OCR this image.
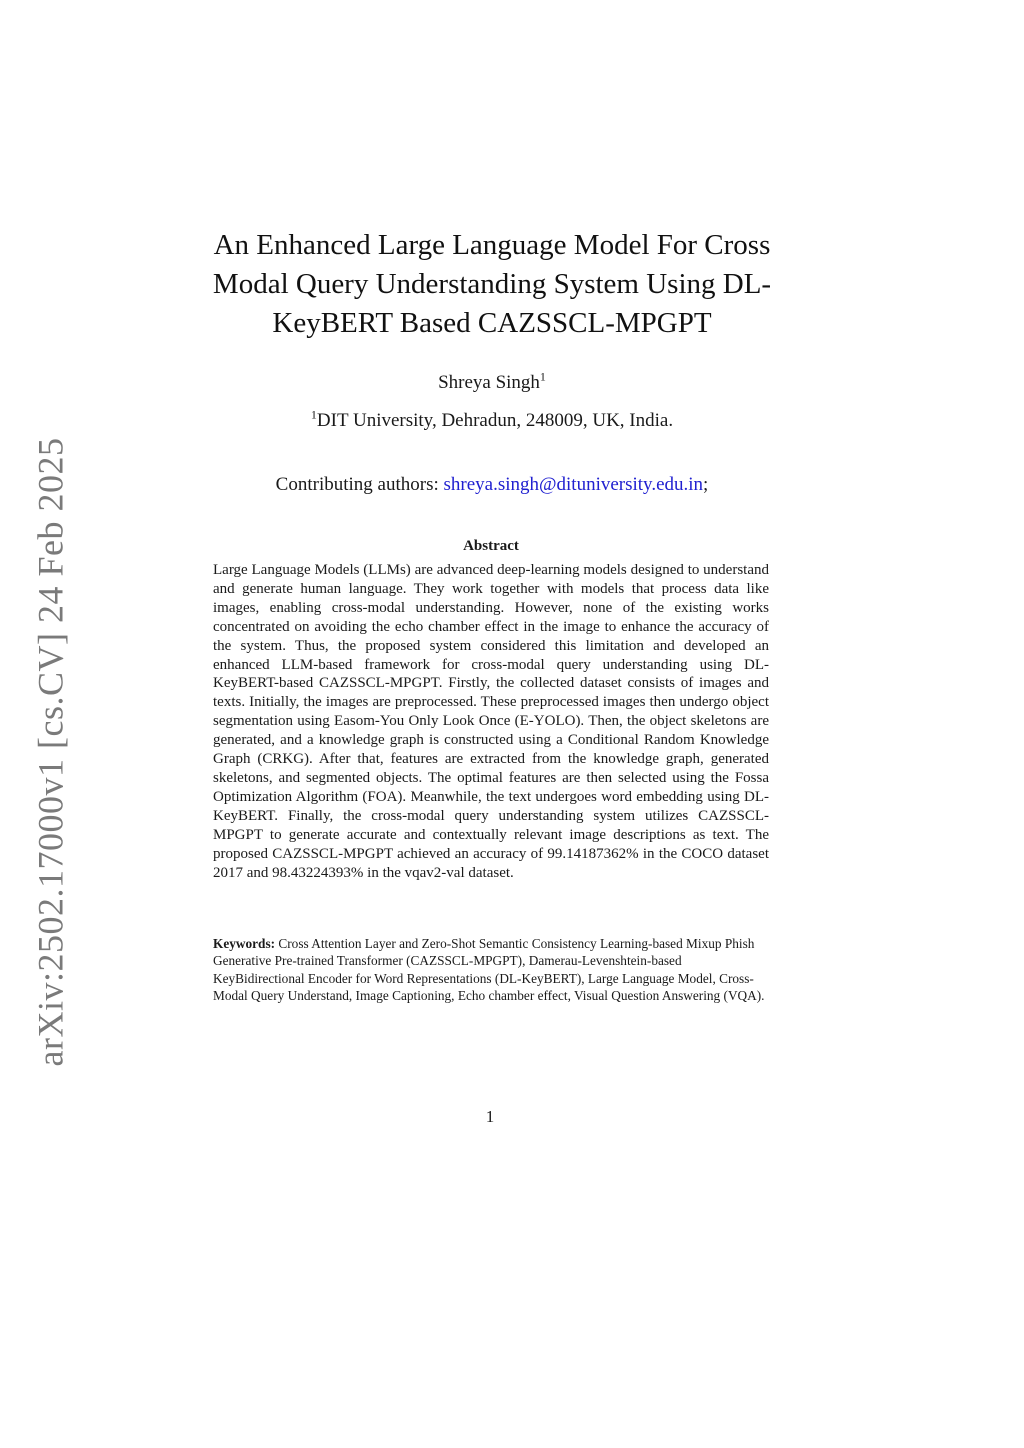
arXiv:2502.17000v1 [cs.CV] 24 Feb 2025
An Enhanced Large Language Model For Cross Modal Query Understanding System Using DL-KeyBERT Based CAZSSCL-MPGPT
Shreya Singh$^1$
$^1$DIT University, Dehradun, 248009, UK, India.
Contributing authors: shreya.singh@dituniversity.edu.in;
Abstract

Large Language Models (LLMs) are advanced deep-learning models designed to understand and generate human language. They work together with models that process data like images, enabling cross-modal understanding. However, none of the existing works concentrated on avoiding the echo chamber effect in the image to enhance the accuracy of the system. Thus, the proposed system considered this limitation and developed an enhanced LLM-based framework for cross-modal query understanding using DL-KeyBERT-based CAZSSCL-MPGPT. Firstly, the collected dataset consists of images and texts. Initially, the images are preprocessed. These preprocessed images then undergo object segmentation using Easom-You Only Look Once (E-YOLO). Then, the object skeletons are generated, and a knowledge graph is constructed using a Conditional Random Knowledge Graph (CRKG). After that, features are extracted from the knowledge graph, generated skeletons, and segmented objects. The optimal features are then selected using the Fossa Optimization Algorithm (FOA). Meanwhile, the text undergoes word embedding using DL-KeyBERT. Finally, the cross-modal query understanding system utilizes CAZSSCL-MPGPT to generate accurate and contextually relevant image descriptions as text. The proposed CAZSSCL-MPGPT achieved an accuracy of 99.14187362% in the COCO dataset 2017 and 98.43224393% in the vqav2-val dataset.

Keywords: Cross Attention Layer and Zero-Shot Semantic Consistency Learning-based Mixup Phish Generative Pre-trained Transformer (CAZSSCL-MPGPT), Damerau-Levenshtein-based KeyBidirectional Encoder for Word Representations (DL-KeyBERT), Large Language Model, Cross-Modal Query Understand, Image Captioning, Echo chamber effect, Visual Question Answering (VQA).

1
